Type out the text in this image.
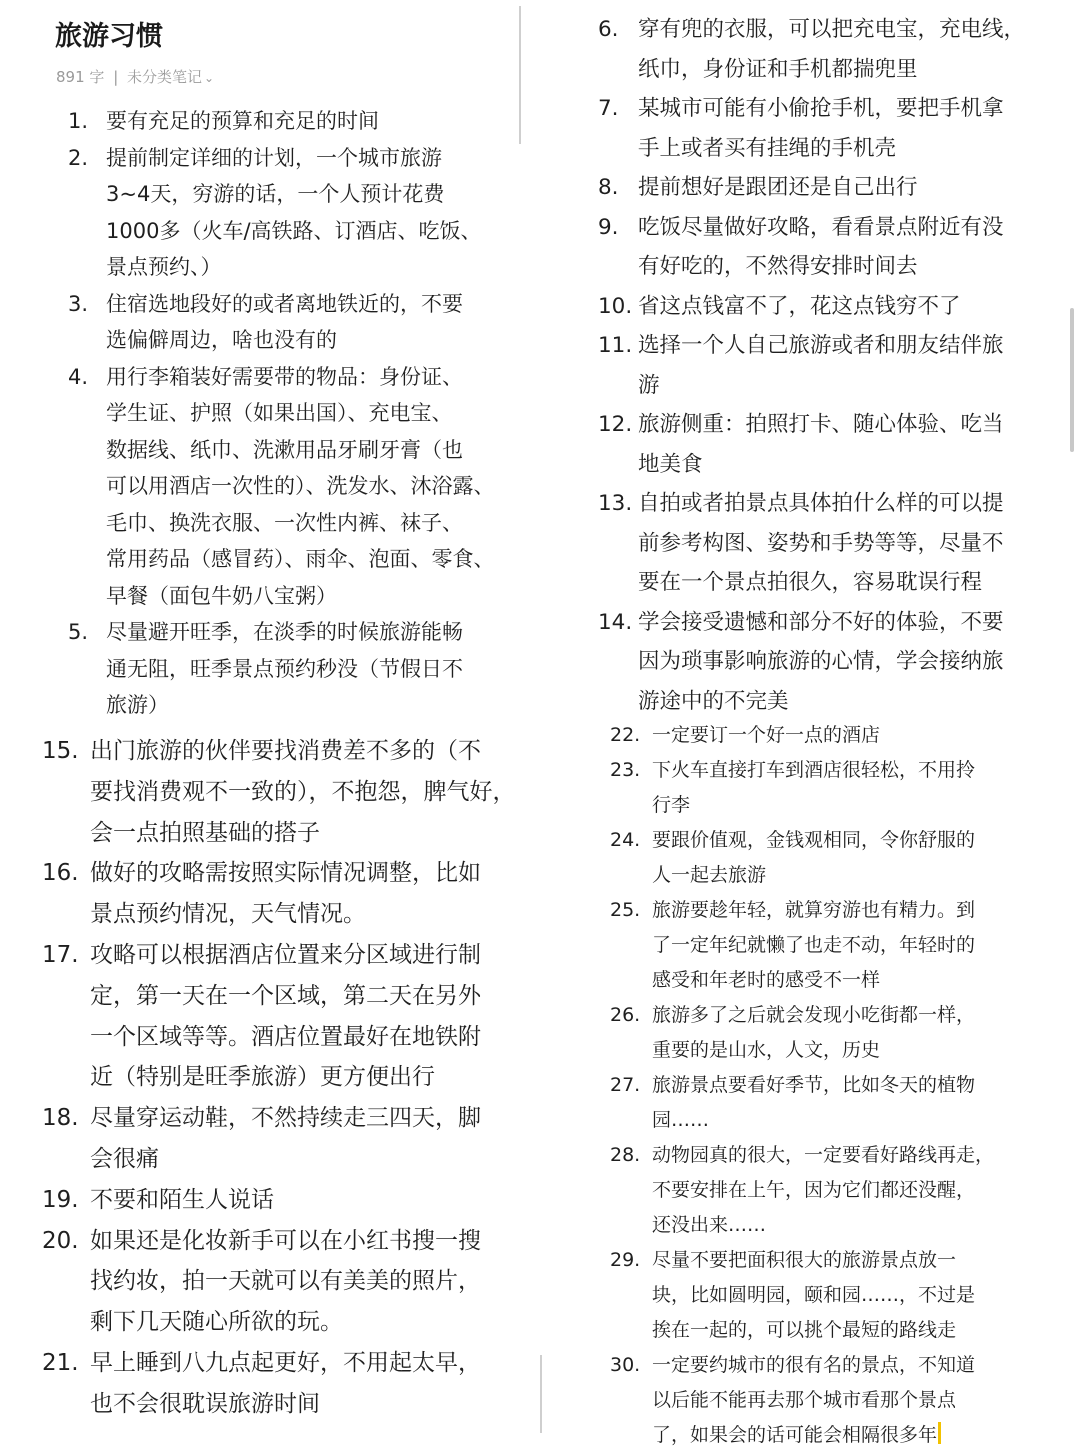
旅游习惯
891 字 | 未分类笔记 ⌄
1. 要有充足的预算和充足的时间
2. 提前制定详细的计划，一个城市旅游
3~4天，穷游的话，一个人预计花费
1000多（火车/高铁路、订酒店、吃饭、
景点预约、）
3. 住宿选地段好的或者离地铁近的，不要
选偏僻周边，啥也没有的
4. 用行李箱装好需要带的物品：身份证、
学生证、护照（如果出国）、充电宝、
数据线、纸巾、洗漱用品牙刷牙膏（也
可以用酒店一次性的）、洗发水、沐浴露、
毛巾、换洗衣服、一次性内裤、袜子、
常用药品（感冒药）、雨伞、泡面、零食、
早餐（面包牛奶八宝粥）
5. 尽量避开旺季，在淡季的时候旅游能畅
通无阻，旺季景点预约秒没（节假日不
旅游）
15. 出门旅游的伙伴要找消费差不多的（不
要找消费观不一致的），不抱怨，脾气好，
会一点拍照基础的搭子
16. 做好的攻略需按照实际情况调整，比如
景点预约情况，天气情况。
17. 攻略可以根据酒店位置来分区域进行制
定，第一天在一个区域，第二天在另外
一个区域等等。酒店位置最好在地铁附
近（特别是旺季旅游）更方便出行
18. 尽量穿运动鞋，不然持续走三四天，脚
会很痛
19. 不要和陌生人说话
20. 如果还是化妆新手可以在小红书搜一搜
找约妆，拍一天就可以有美美的照片，
剩下几天随心所欲的玩。
21. 早上睡到八九点起更好，不用起太早，
也不会很耽误旅游时间
6. 穿有兜的衣服，可以把充电宝，充电线，
纸巾，身份证和手机都揣兜里
7. 某城市可能有小偷抢手机，要把手机拿
手上或者买有挂绳的手机壳
8. 提前想好是跟团还是自己出行
9. 吃饭尽量做好攻略，看看景点附近有没
有好吃的，不然得安排时间去
10. 省这点钱富不了，花这点钱穷不了
11. 选择一个人自己旅游或者和朋友结伴旅
游
12. 旅游侧重：拍照打卡、随心体验、吃当
地美食
13. 自拍或者拍景点具体拍什么样的可以提
前参考构图、姿势和手势等等，尽量不
要在一个景点拍很久，容易耽误行程
14. 学会接受遗憾和部分不好的体验，不要
因为琐事影响旅游的心情，学会接纳旅
游途中的不完美
22. 一定要订一个好一点的酒店
23. 下火车直接打车到酒店很轻松，不用拎
行李
24. 要跟价值观，金钱观相同，令你舒服的
人一起去旅游
25. 旅游要趁年轻，就算穷游也有精力。到
了一定年纪就懒了也走不动，年轻时的
感受和年老时的感受不一样
26. 旅游多了之后就会发现小吃街都一样，
重要的是山水，人文，历史
27. 旅游景点要看好季节，比如冬天的植物
园……
28. 动物园真的很大，一定要看好路线再走，
不要安排在上午，因为它们都还没醒，
还没出来……
29. 尽量不要把面积很大的旅游景点放一
块，比如圆明园，颐和园……，不过是
挨在一起的，可以挑个最短的路线走
30. 一定要约城市的很有名的景点，不知道
以后能不能再去那个城市看那个景点
了，如果会的话可能会相隔很多年
